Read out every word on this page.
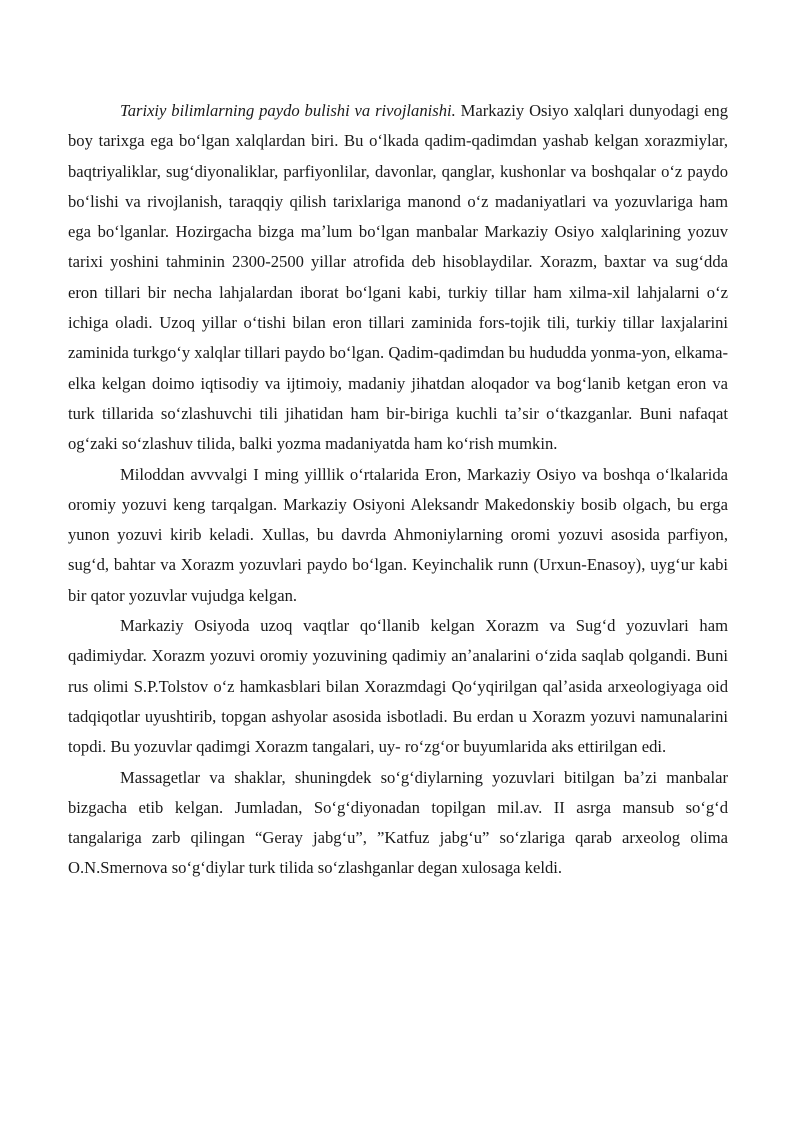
Tarixiy bilimlarning paydo bulishi va rivojlanishi. Markaziy Osiyo xalqlari dunyodagi eng boy tarixga ega boʻlgan xalqlardan biri. Bu oʻlkada qadim-qadimdan yashab kelgan xorazmiylar, baqtriyaliklar, sugʻdiyonaliklar, parfiyonlilar, davonlar, qanglar, kushonlar va boshqalar oʻz paydo boʻlishi va rivojlanish, taraqqiy qilish tarixlariga manond oʻz madaniyatlari va yozuvlariga ham ega boʻlganlar. Hozirgacha bizga maʼlum boʻlgan manbalar Markaziy Osiyo xalqlarining yozuv tarixi yoshini tahminin 2300-2500 yillar atrofida deb hisoblaydilar. Xorazm, baxtar va sugʻdda eron tillari bir necha lahjalardan iborat boʻlgani kabi, turkiy tillar ham xilma-xil lahjalarni oʻz ichiga oladi. Uzoq yillar oʻtishi bilan eron tillari zaminida fors-tojik tili, turkiy tillar laxjalarini zaminida turkgoʻy xalqlar tillari paydo boʻlgan. Qadim-qadimdan bu hududda yonma-yon, elkama-elka kelgan doimo iqtisodiy va ijtimoiy, madaniy jihatdan aloqador va bogʻlanib ketgan eron va turk tillarida soʻzlashuvchi tili jihatidan ham bir-biriga kuchli taʼsir oʻtkazganlar. Buni nafaqat ogʻzaki soʻzlashuv tilida, balki yozma madaniyatda ham koʻrish mumkin.

Miloddan avvvalgi I ming yilllik oʻrtalarida Eron, Markaziy Osiyo va boshqa oʻlkalarida oromiy yozuvi keng tarqalgan. Markaziy Osiyoni Aleksandr Makedonskiy bosib olgach, bu erga yunon yozuvi kirib keladi. Xullas, bu davrda Ahmoniylarning oromi yozuvi asosida parfiyon, sugʻd, bahtar va Xorazm yozuvlari paydo boʻlgan. Keyinchalik runn (Urxun-Enasoy), uygʻur kabi bir qator yozuvlar vujudga kelgan.

Markaziy Osiyoda uzoq vaqtlar qoʻllanib kelgan Xorazm va Sugʻd yozuvlari ham qadimiydar. Xorazm yozuvi oromiy yozuvining qadimiy anʼanalarini oʻzida saqlab qolgandi. Buni rus olimi S.P.Tolstov oʻz hamkasblari bilan Xorazmdagi Qoʻyqirilgan qalʼasida arxeologiyaga oid tadqiqotlar uyushtirib, topgan ashyolar asosida isbotladi. Bu erdan u Xorazm yozuvi namunalarini topdi. Bu yozuvlar qadimgi Xorazm tangalari, uy- roʻzgʻor buyumlarida aks ettirilgan edi.

Massagetlar va shaklar, shuningdek soʻgʻdiylarning yozuvlari bitilgan baʼzi manbalar bizgacha etib kelgan. Jumladan, Soʻgʻdiyonadan topilgan mil.av. II asrga mansub soʻgʻd tangalariga zarb qilingan “Geray jabgʻu”, ”Katfuz jabgʻu” soʻzlariga qarab arxeolog olima O.N.Smernova soʻgʻdiylar turk tilida soʻzlashganlar degan xulosaga keldi.
